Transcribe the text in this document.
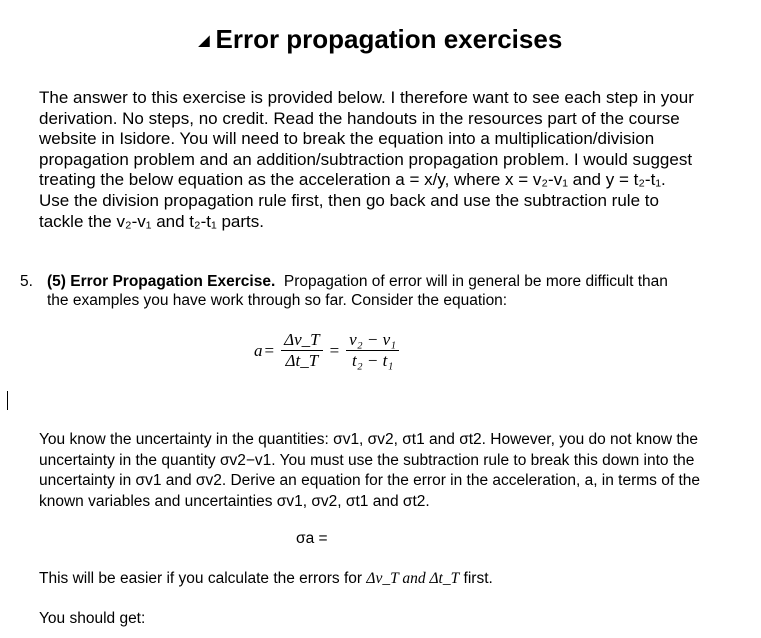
◢ Error propagation exercises
The answer to this exercise is provided below. I therefore want to see each step in your
derivation. No steps, no credit. Read the handouts in the resources part of the course
website in Isidore. You will need to break the equation into a multiplication/division
propagation problem and an addition/subtraction propagation problem. I would suggest
treating the below equation as the acceleration a = x/y, where x = v₂-v₁ and y = t₂-t₁.
Use the division propagation rule first, then go back and use the subtraction rule to
tackle the v₂-v₁ and t₂-t₁ parts.
5. (5) Error Propagation Exercise. Propagation of error will in general be more difficult than
the examples you have work through so far. Consider the equation:
$a = \frac{\Delta v\_T}{\Delta t\_T} = \frac{\text{v₂ − v₁}}{\text{t₂ − t₁}}$
You know the uncertainty in the quantities: σv1, σv2, σt1 and σt2. However, you do not know the
uncertainty in the quantity σv2−v1. You must use the subtraction rule to break this down into the
uncertainty in σv1 and σv2. Derive an equation for the error in the acceleration, a, in terms of the
known variables and uncertainties σv1, σv2, σt1 and σt2.
σa =
This will be easier if you calculate the errors for Δv_T and Δt_T first.
You should get:
